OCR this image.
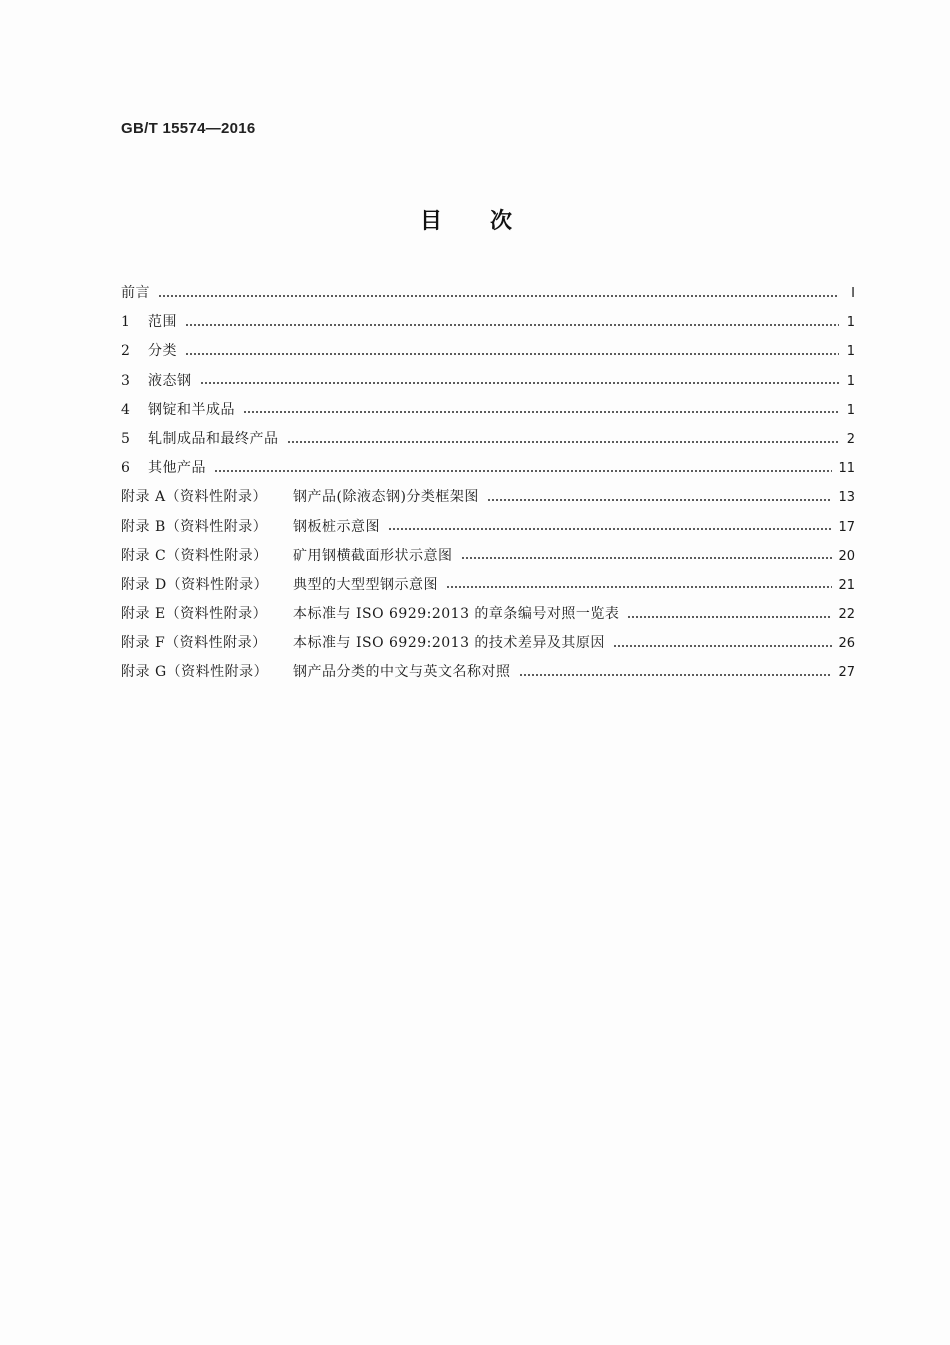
GB/T 15574—2016
目次
前言	Ⅰ
1	范围	1
2	分类	1
3	液态钢	1
4	钢锭和半成品	1
5	轧制成品和最终产品	2
6	其他产品	11
附录 A（资料性附录）	钢产品(除液态钢)分类框架图	13
附录 B（资料性附录）	钢板桩示意图	17
附录 C（资料性附录）	矿用钢横截面形状示意图	20
附录 D（资料性附录）	典型的大型型钢示意图	21
附录 E（资料性附录）	本标准与 ISO 6929:2013 的章条编号对照一览表	22
附录 F（资料性附录）	本标准与 ISO 6929:2013 的技术差异及其原因	26
附录 G（资料性附录）	钢产品分类的中文与英文名称对照	27
